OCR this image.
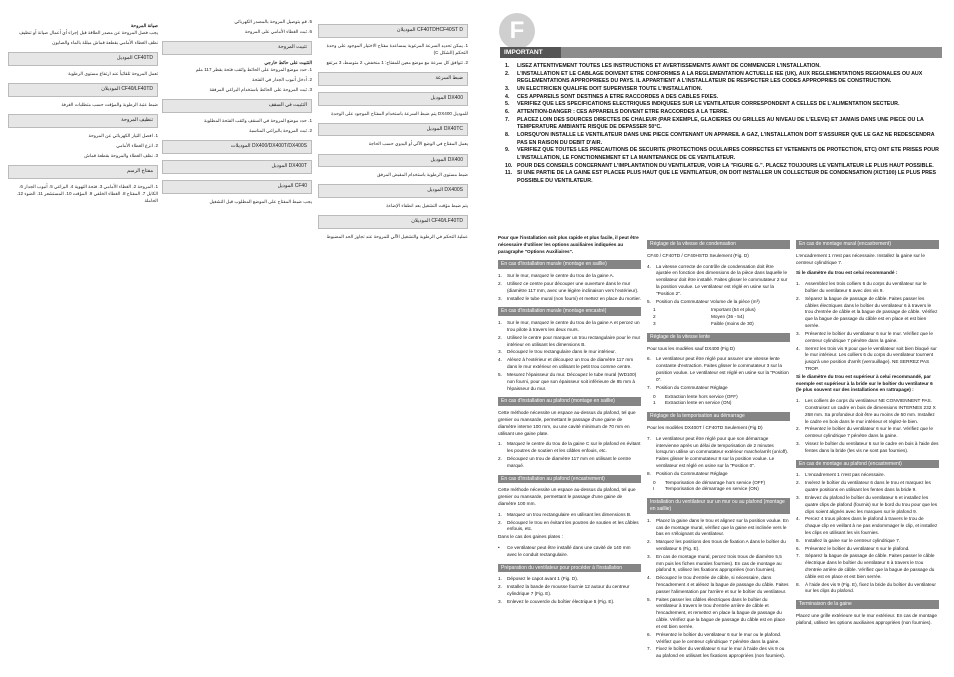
CF40TDHCF40ST D الموديلان
1. يمكن تحديد السرعة المرغوبة بمساعدة مفتاح الاختيار الموجود على وحدة التحكم (الشكل C)
2. تتوافق كل سرعة مع موضع معين للمفتاح: 1 منخفض، 2 متوسط، 3 مرتفع
ضبط السرعة
DX400 الموديل
للموديل DX400 يتم ضبط السرعة باستخدام المفتاح الموجود على الوحدة
DX40TC الموديل
يعمل المفتاح في الوضع الآلي أو اليدوي حسب الحاجة
DX400 الموديل
ضبط مستوى الرطوبة باستخدام المقبض المرفق
DX400S الموديل
يتم ضبط مؤقت التشغيل بعد انطفاء الإضاءة
CF40/LF40TD الموديلان
عملية التحكم في الرطوبة والتشغيل الآلي للمروحة عند تجاوز الحد المضبوط
5. قم بتوصيل المروحة بالمصدر الكهربائي
6. ثبت الغطاء الأمامي على المروحة
تثبيت المروحة
التثبيت على حائط خارجي
1. حدد موضع المروحة على الحائط واثقب فتحة بقطر 117 ملم
2. أدخل أنبوب الجدار في الفتحة
3. ثبت المروحة على الحائط باستخدام البراغي المرفقة
التثبيت في السقف
1. حدد موضع المروحة في السقف واثقب الفتحة المطلوبة
2. ثبت المروحة بالبراغي المناسبة
DX400/DX400T/DX400S الموديلات
DX400T الموديل
CF40 الموديل
يجب ضبط المفتاح على الموضع المطلوب قبل التشغيل
صيانة المروحة
يجب فصل المروحة عن مصدر الطاقة قبل إجراء أي أعمال صيانة أو تنظيف
نظف الغطاء الأمامي بقطعة قماش مبللة بالماء والصابون
CF40TD الموديل
تعمل المروحة تلقائياً عند ارتفاع مستوى الرطوبة
CF40/LF40TD الموديلان
ضبط عتبة الرطوبة والمؤقت حسب متطلبات الغرفة
تنظيف المروحة
1. افصل التيار الكهربائي عن المروحة
2. انزع الغطاء الأمامي
3. نظف الغطاء والمروحة بقطعة قماش
مفتاح الرسم
1. المروحة 2. الغطاء الأمامي 3. فتحة التهوية 4. البراغي 5. أنبوب الجدار 6. الكابل 7. المفتاح 8. الغطاء الخلفي 9. المؤقت 10. المستشعر 11. الضوء 12. الحاملة
F
IMPORTANT
1.	LISEZ ATTENTIVEMENT TOUTES LES INSTRUCTIONS ET AVERTISSEMENTS AVANT DE COMMENCER L'INSTALLATION.
2.	L'INSTALLATION ET LE CABLAGE DOIVENT ETRE CONFORMES A LA REGLEMENTATION ACTUELLE IEE (UK), AUX REGLEMENTATIONS REGIONALES OU AUX REGLEMENTATIONS APPROPRIEES DU PAYS. IL APPARTIENT A L'INSTALLATEUR DE RESPECTER LES CODES APPROPRIES DE CONSTRUCTION.
3.	UN ELECTRICIEN QUALIFIE DOIT SUPERVISER TOUTE L'INSTALLATION.
4.	CES APPAREILS SONT DESTINES A ETRE RACCORDES A DES CABLES FIXES.
5.	VERIFIEZ QUE LES SPECIFICATIONS ELECTRIQUES INDIQUEES SUR LE VENTILATEUR CORRESPONDENT A CELLES DE L'ALIMENTATION SECTEUR.
6.	ATTENTION-DANGER : CES APPAREILS DOIVENT ETRE RACCORDES A LA TERRE.
7.	PLACEZ LOIN DES SOURCES DIRECTES DE CHALEUR (PAR EXEMPLE, GLACIERES OU GRILLES AU NIVEAU DE L'ELEVE) ET JAMAIS DANS UNE PIECE OU LA TEMPERATURE AMBIANTE RISQUE DE DEPASSER 50°C.
8.	LORSQU'ON INSTALLE LE VENTILATEUR DANS UNE PIECE CONTENANT UN APPAREIL A GAZ, L'INSTALLATION DOIT S'ASSURER QUE LE GAZ NE REDESCENDRA PAS EN RAISON DU DEBIT D'AIR.
9.	VERIFIEZ QUE TOUTES LES PRECAUTIONS DE SECURITE (PROTECTIONS OCULAIRES CORRECTES ET VETEMENTS DE PROTECTION, ETC) ONT ETE PRISES POUR L'INSTALLATION, LE FONCTIONNEMENT ET LA MAINTENANCE DE CE VENTILATEUR.
10. POUR DES CONSEILS CONCERNANT L'IMPLANTATION DU VENTILATEUR, VOIR LA "FIGURE G.". PLACEZ TOUJOURS LE VENTILATEUR LE PLUS HAUT POSSIBLE.
11. SI UNE PARTIE DE LA GAINE EST PLACEE PLUS HAUT QUE LE VENTILATEUR, ON DOIT INSTALLER UN COLLECTEUR DE CONDENSATION (XCT100) LE PLUS PRES POSSIBLE DU VENTILATEUR.
Pour que l'installation soit plus rapide et plus facile, il peut être nécessaire d'utiliser les options auxiliaires indiquées au paragraphe "Options Auxiliaires".
En cas d'installation murale (montage en saillie)
1.	Sur le mur, marquez le centre du trou de la gaine A.
2.	Utilisez ce centre pour découper une ouverture dans le mur (diamètre 117 mm, avec une légère inclinaison vers l'extérieur).
3.	Installez le tube mural (non fourni) et mettez en place du mortier.
En cas d'installation murale (montage encastré)
1.	Sur le mur, marquez le centre du trou de la gaine A et percez un trou pilote à travers les deux murs.
2.	Utilisez le centre pour marquer un trou rectangulaire pour le mur intérieur en utilisant les dimensions B.
3.	Découpez le trou rectangulaire dans le mur intérieur.
4.	Alésez à l'extérieur et découpez un trou de diamètre 117 mm dans le mur extérieur en utilisant le petit trou comme centre.
5.	Mesurez l'épaisseur du mur. Découpez le tube mural (WD100) non fourni, pour que son épaisseur soit inférieure de 85 mm à l'épaisseur du mur.
En cas d'installation au plafond (montage en saillie)
Cette méthode nécessite un espace au-dessus du plafond, tel que grenier ou mansarde, permettant le passage d'une gaine de diamètre interne 100 mm, ou une cavité minimum de 70 mm en utilisant une gaine plate.
1.	Marquez le centre du trou de la gaine C sur le plafond en évitant les poutres de soutien et les câbles enfouis, etc.
2.	Découpez un trou de diamètre 117 mm en utilisant le centre marqué.
En cas d'installation au plafond (encastrement)
Cette méthode nécessite un espace au-dessus du plafond, tel que grenier ou mansarde, permettant le passage d'une gaine de diamètre 100 mm.
1.	Marquez un trou rectangulaire en utilisant les dimensions B.
2.	Découpez le trou en évitant les poutres de soutien et les câbles enfouis, etc.
Dans le cas des gaines plates :
•	Ce ventilateur peut être installé dans une cavité de 140 mm avec le conduit rectangulaire.
Préparation du ventilateur pour procéder à l'installation
1.	Déposez le capot avant 1 (Fig. D).
2.	Installez la bande de mousse fournie 12 autour du centreur cylindrique 7 (Fig. E).
3.	Enlevez le couvercle du boîtier électrique 5 (Fig. E).
Réglage de la vitesse de condensation
CF40 / CF40TD / CF40HSTD Seulement (Fig. D)
4.	La vitesse correcte de contrôle de condensation doit être ajustée en fonction des dimensions de la pièce dans laquelle le ventilateur doit être installé. Faites glisser le commutateur 2 sur la position voulue. Le ventilateur est réglé en usine sur la "Position 2".
5.	Position du Commutateur Volume de la pièce (m³)
1	Important (54 et plus)
2	Moyen (36 - 54)
3	Faible (moins de 30)
Réglage de la vitesse lente
Pour tous les modèles sauf DX400 (Fig D)
6.	Le ventilateur peut être réglé pour assurer une vitesse lente constante d'extraction. Faites glisser le commutateur 3 sur la position voulue. Le ventilateur est réglé en usine sur la "Position 0".
7.	Position du Commutateur Réglage
0	Extraction lente hors service (OFF)
1	Extraction lente en service (ON)
Réglage de la temporisation au démarrage
Pour les modèles DX400T / CF40TD Seulement (Fig D)
7.	Le ventilateur peut être réglé pour que son démarrage intervienne après un délai de temporisation de 2 minutes lorsqu'on utilise un commutateur extérieur marche/arrêt (on/off). Faites glisser le commutateur 8 sur la position voulue. Le ventilateur est réglé en usine sur la "Position 0".
8.	Position du Commutateur Réglage
0	Temporisation de démarrage hors service (OFF)
I	Temporisation de démarrage en service (ON)
Installation du ventilateur sur un mur ou au plafond (montage en saillie)
1.	Placez la gaine dans le trou et alignez sur la position voulue. En cas de montage mural, vérifiez que la gaine est inclinée vers le bas en s'éloignant du ventilateur.
2.	Marquez les positions des trous de fixation A dans le boîtier du ventilateur 6 (Fig. E).
3.	En cas de montage mural, percez trois trous de diamètre 5,5 mm puis les fiches murales fournies). En cas de montage au plafond 9, utilisez les fixations appropriées (non fournies).
4.	Découpez le trou d'entrée de câble, si nécessaire, dans l'encadrement 4 et alésez la bague de passage du câble. Faites passer l'alimentation par l'arrière et sur le boîtier du ventilateur.
5.	Faites passer les câbles électriques dans le boîtier du ventilateur à travers le trou d'entrée arrière de câble et l'encadrement, et remettez en place la bague de passage du câble. Vérifiez que la bague de passage du câble est en place et est bien serrée.
6.	Présentez le boîtier du ventilateur 6 sur le mur ou le plafond. Vérifiez que le centreur cylindrique 7 pénètre dans la gaine.
7.	Fixez le boîtier du ventilateur 6 sur le mur à l'aide des vis 9 ou au plafond en utilisant les fixations appropriées (non fournies).
En cas de montage mural (encastrement)
L'encadrement 1 n'est pas nécessaire. Installez la gaine sur le centreur cylindrique 7.
Si le diamètre du trou est celui recommandé :
1.	Assemblez les trois colliers 6 du corps du ventilateur sur le boîtier du ventilateur 6 avec des vis 9.
2.	Séparez la bague de passage de câble. Faites passer les câbles électriques dans le boîtier du ventilateur 6 à travers le trou d'entrée de câble et la bague de passage de câble. Vérifiez que la bague de passage du câble est en place et est bien serrée.
3.	Présentez le boîtier du ventilateur 6 sur le mur. Vérifiez que le centreur cylindrique 7 pénètre dans la gaine.
4.	Serrez les trois vis 9 pour que le ventilateur soit bien bloqué sur le mur intérieur. Les colliers 6 du corps du ventilateur tournent jusqu'à une position d'arrêt (verrouillage). NE SERREZ PAS TROP.
Si le diamètre du trou est supérieur à celui recommandé, par exemple est supérieur à la bride sur le boîtier du ventilateur 6 (le plus souvent sur des installations en rattrapage) :
1.	Les colliers de corps du ventilateur NE CONVIENNENT PAS. Construisez un cadre en bois de dimensions INTERNES 232 X 268 mm. Sa profondeur doit être au moins de 50 mm. Installez le cadre en bois dans le mur intérieur et réglez-le bien.
2.	Présentez le boîtier du ventilateur 6 sur le mur. Vérifiez que le centreur cylindrique 7 pénètre dans la gaine.
3.	Vissez le boîtier du ventilateur 6 sur le cadre en bois à l'aide des fentes dans la bride (les vis ne sont pas fournies).
En cas de montage au plafond (encastrement)
1.	L'encadrement 1 n'est pas nécessaire.
2.	Insérez le boîtier du ventilateur 6 dans le trou et marquez les quatre positions en utilisant les fentes dans la bride 9.
3.	Enlevez du plafond le boîtier du ventilateur 6 et installez les quatre clips de plafond (fournis) sur le bord du trou pour que les clips soient alignés avec les marques sur le plafond 9.
4.	Percez 4 trous pilotes dans le plafond à travers le trou de chaque clip en veillant à ne pas endommager le clip, et installez les clips en utilisant les vis fournies.
5.	Installez la gaine sur le centreur cylindrique 7.
6.	Présentez le boîtier du ventilateur 6 sur le plafond.
7.	Séparez la bague de passage de câble. Faites passer le câble électrique dans le boîtier du ventilateur 6 à travers le trou d'entrée arrière de câble. Vérifiez que la bague de passage du câble est en place et est bien serrée.
8.	À l'aide des vis 9 (Fig. E), fixez la bride du boîtier du ventilateur sur les clips du plafond.
Terminaison de la gaine
Placez une grille extérieure sur le mur extérieur. En cas de montage plafond, utilisez les options auxiliaires appropriées (non fournies).
